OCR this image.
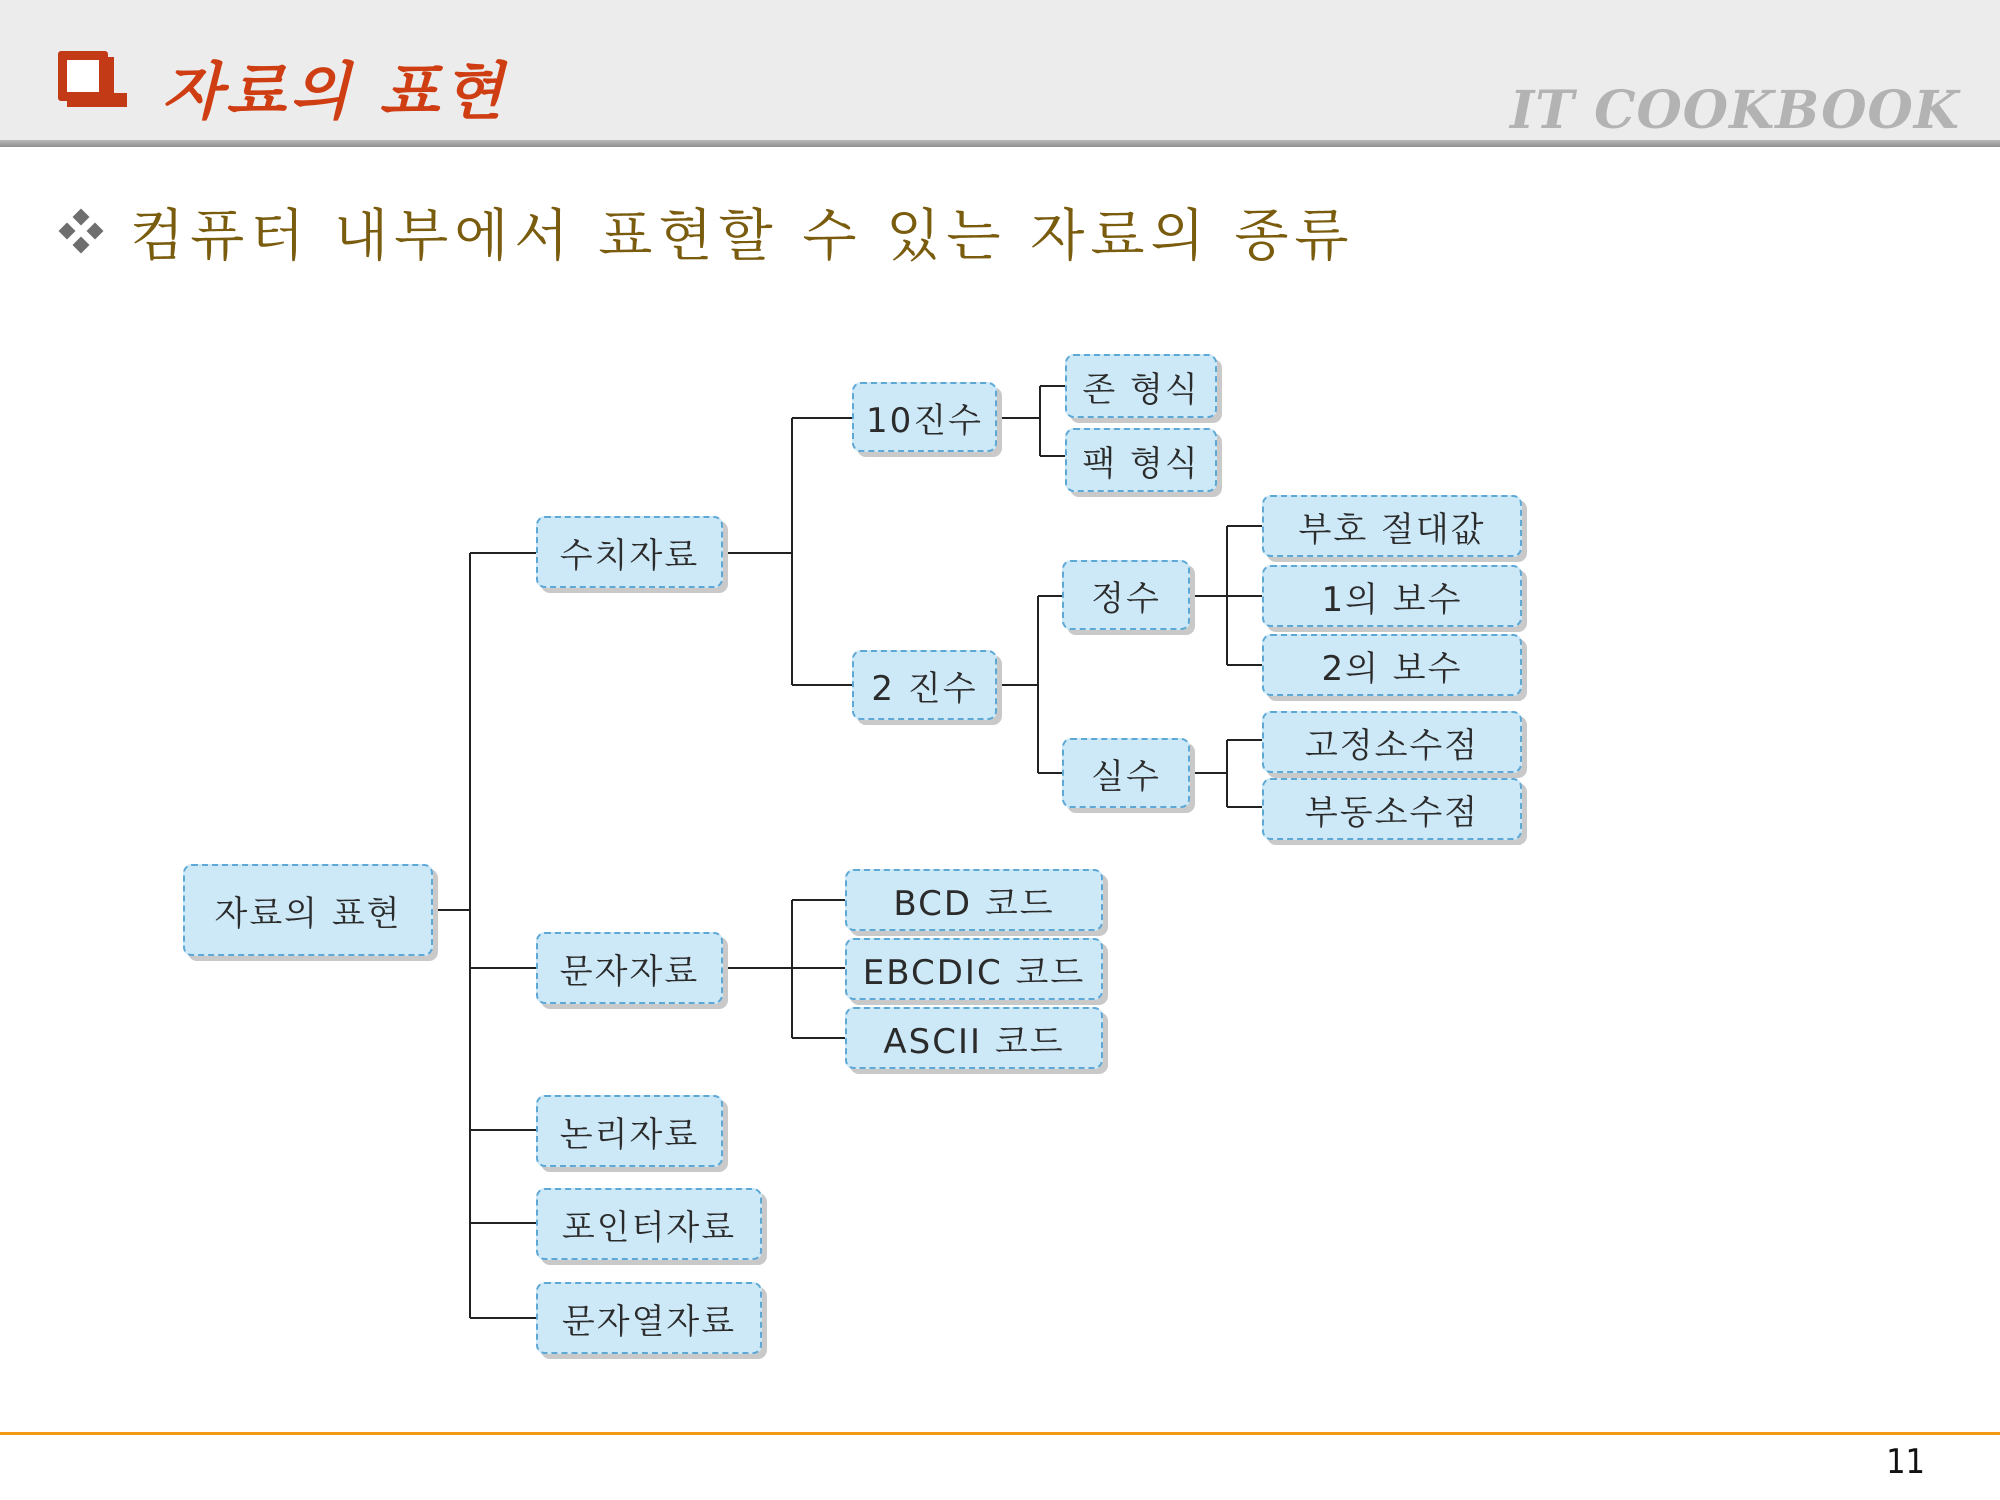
자료의 표현	IT COOKBOOK
컴퓨터 내부에서 표현할 수 있는 자료의 종류
자료의 표현
수치자료
10진수
존 형식
팩 형식
2 진수
정수
부호 절대값
1의 보수
2의 보수
실수
고정소수점
부동소수점
문자자료
BCD 코드
EBCDIC 코드
ASCII 코드
논리자료
포인터자료
문자열자료
11
